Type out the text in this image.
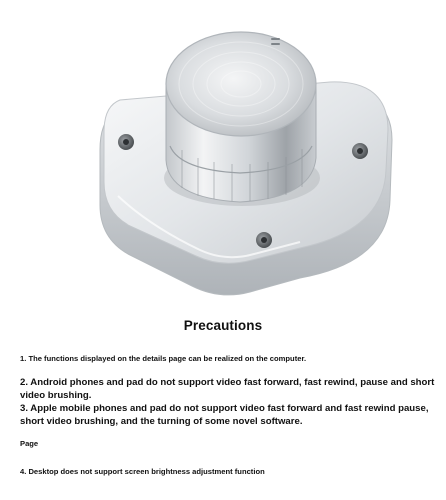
Precautions
1. The functions displayed on the details page can be realized on the computer.
2. Android phones and pad do not support video fast forward, fast rewind, pause and short video brushing.
3. Apple mobile phones and pad do not support video fast forward and fast rewind pause, short video brushing, and the turning of some novel software.
Page
4. Desktop does not support screen brightness adjustment function
